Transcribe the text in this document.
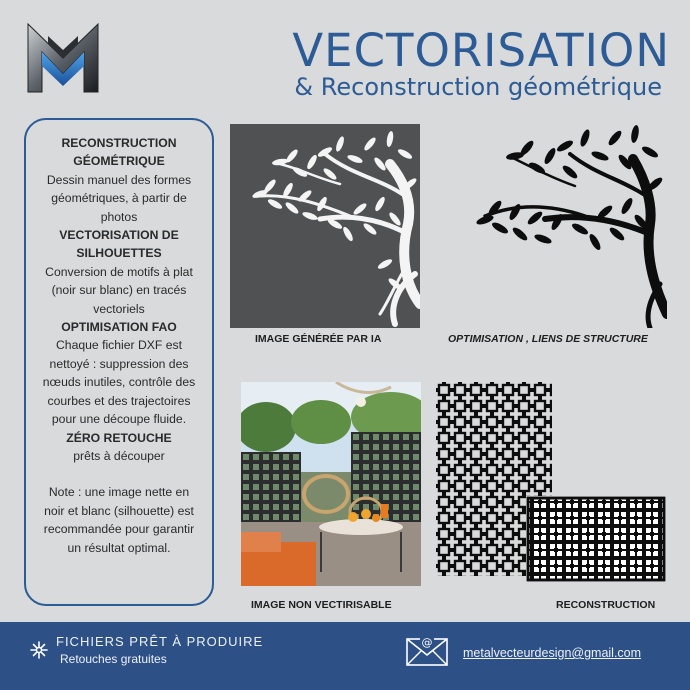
VECTORISATION
& Reconstruction géométrique
RECONSTRUCTION
GÉOMÉTRIQUE
Dessin manuel des formes
géométriques, à partir de
photos
VECTORISATION DE
SILHOUETTES
Conversion de motifs à plat
(noir sur blanc) en tracés
vectoriels
OPTIMISATION FAO
Chaque fichier DXF est
nettoyé : suppression des
nœuds inutiles, contrôle des
courbes et des trajectoires
pour une découpe fluide.
ZÉRO RETOUCHE
prêts à découper
Note : une image nette en
noir et blanc (silhouette) est
recommandée pour garantir
un résultat optimal.
IMAGE GÉNÉRÉE PAR IA	OPTIMISATION , LIENS DE STRUCTURE
IMAGE NON VECTIRISABLE	RECONSTRUCTION
FICHIERS PRÊT À PRODUIRE
Retouches gratuites
@
metalvecteurdesign@gmail.com
